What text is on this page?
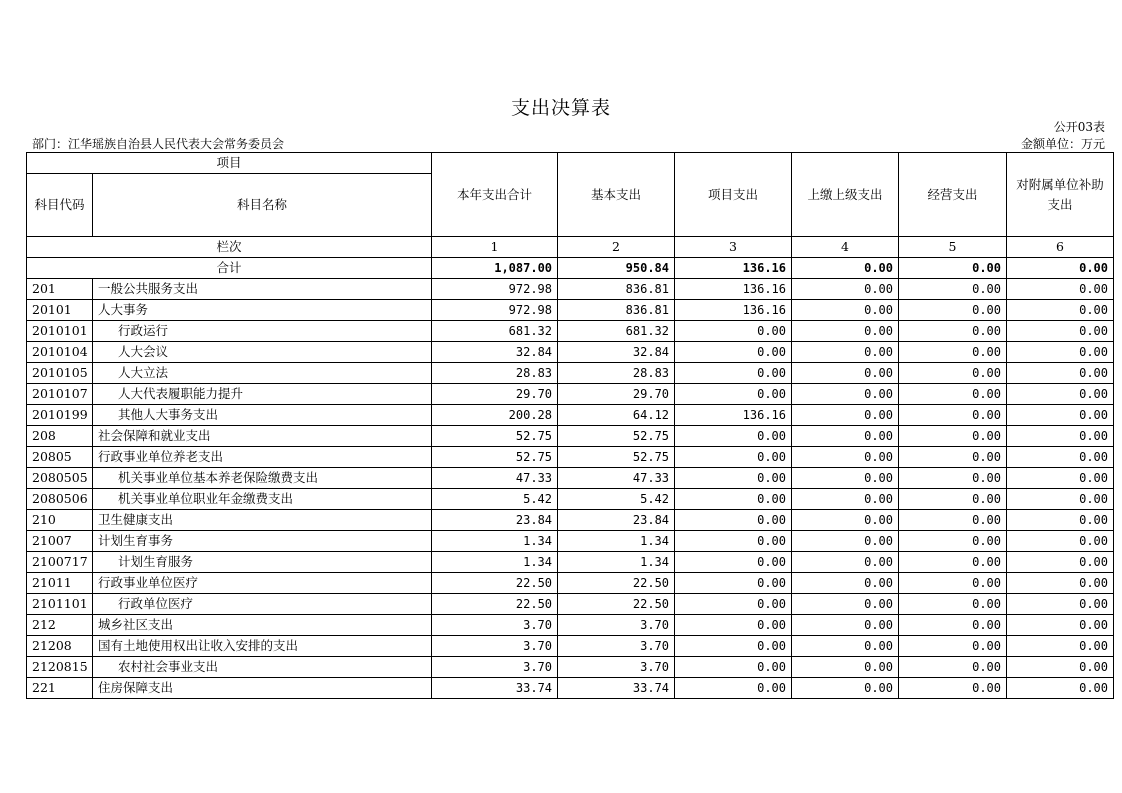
支出决算表
公开03表
部门：江华瑶族自治县人民代表大会常务委员会	金额单位：万元
项目		本年支出合计	基本支出	项目支出	上缴上级支出	经营支出	对附属单位补助支出
科目代码	科目名称						
栏次		1	2	3	4	5	6
合计		1,087.00	950.84	136.16	0.00	0.00	0.00
201	一般公共服务支出	972.98	836.81	136.16	0.00	0.00	0.00
20101	人大事务	972.98	836.81	136.16	0.00	0.00	0.00
2010101	行政运行	681.32	681.32	0.00	0.00	0.00	0.00
2010104	人大会议	32.84	32.84	0.00	0.00	0.00	0.00
2010105	人大立法	28.83	28.83	0.00	0.00	0.00	0.00
2010107	人大代表履职能力提升	29.70	29.70	0.00	0.00	0.00	0.00
2010199	其他人大事务支出	200.28	64.12	136.16	0.00	0.00	0.00
208	社会保障和就业支出	52.75	52.75	0.00	0.00	0.00	0.00
20805	行政事业单位养老支出	52.75	52.75	0.00	0.00	0.00	0.00
2080505	机关事业单位基本养老保险缴费支出	47.33	47.33	0.00	0.00	0.00	0.00
2080506	机关事业单位职业年金缴费支出	5.42	5.42	0.00	0.00	0.00	0.00
210	卫生健康支出	23.84	23.84	0.00	0.00	0.00	0.00
21007	计划生育事务	1.34	1.34	0.00	0.00	0.00	0.00
2100717	计划生育服务	1.34	1.34	0.00	0.00	0.00	0.00
21011	行政事业单位医疗	22.50	22.50	0.00	0.00	0.00	0.00
2101101	行政单位医疗	22.50	22.50	0.00	0.00	0.00	0.00
212	城乡社区支出	3.70	3.70	0.00	0.00	0.00	0.00
21208	国有土地使用权出让收入安排的支出	3.70	3.70	0.00	0.00	0.00	0.00
2120815	农村社会事业支出	3.70	3.70	0.00	0.00	0.00	0.00
221	住房保障支出	33.74	33.74	0.00	0.00	0.00	0.00
